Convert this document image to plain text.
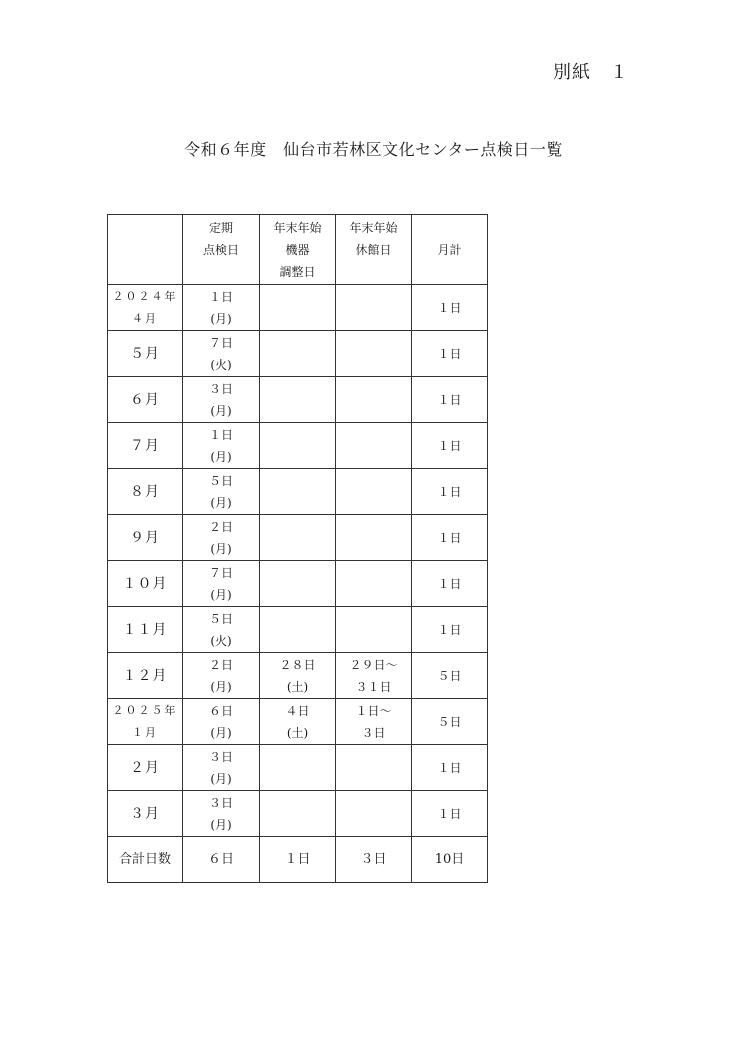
別紙　１
令和６年度　仙台市若林区文化センター点検日一覧

	定期
点検日	年末年始
機器
調整日	年末年始
休館日	月計

２０２４年
４月	１日
(月)			１日

５月	７日
(火)			１日

６月	３日
(月)			１日

７月	１日
(月)			１日

８月	５日
(月)			１日

９月	２日
(月)			１日

１０月	７日
(月)			１日

１１月	５日
(火)			１日

１２月	２日
(月)	２８日
(土)	２９日～
３１日	５日

２０２５年
１月	６日
(月)	４日
(土)	１日～
３日	５日

２月	３日
(月)			１日

３月	３日
(月)			１日
合計日数	６日	１日	３日	10日
